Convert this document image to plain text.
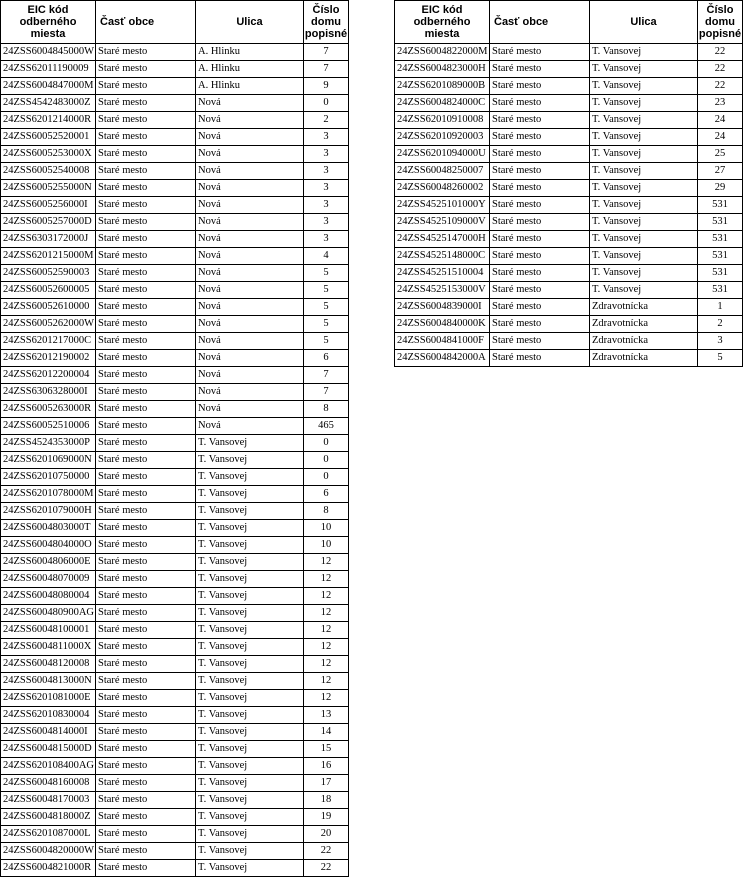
EIC kód odberného miesta	Časť obce	Ulica	Číslo domu popisné
24ZSS6004845000W	Staré mesto	A. Hlinku	7
24ZSS62011190009	Staré mesto	A. Hlinku	7
24ZSS6004847000M	Staré mesto	A. Hlinku	9
24ZSS4542483000Z	Staré mesto	Nová	0
24ZSS6201214000R	Staré mesto	Nová	2
24ZSS60052520001	Staré mesto	Nová	3
24ZSS6005253000X	Staré mesto	Nová	3
24ZSS60052540008	Staré mesto	Nová	3
24ZSS6005255000N	Staré mesto	Nová	3
24ZSS6005256000I	Staré mesto	Nová	3
24ZSS6005257000D	Staré mesto	Nová	3
24ZSS6303172000J	Staré mesto	Nová	3
24ZSS6201215000M	Staré mesto	Nová	4
24ZSS60052590003	Staré mesto	Nová	5
24ZSS60052600005	Staré mesto	Nová	5
24ZSS60052610000	Staré mesto	Nová	5
24ZSS6005262000W	Staré mesto	Nová	5
24ZSS6201217000C	Staré mesto	Nová	5
24ZSS62012190002	Staré mesto	Nová	6
24ZSS62012200004	Staré mesto	Nová	7
24ZSS6306328000I	Staré mesto	Nová	7
24ZSS6005263000R	Staré mesto	Nová	8
24ZSS60052510006	Staré mesto	Nová	465
24ZSS4524353000P	Staré mesto	T. Vansovej	0
24ZSS6201069000N	Staré mesto	T. Vansovej	0
24ZSS62010750000	Staré mesto	T. Vansovej	0
24ZSS6201078000M	Staré mesto	T. Vansovej	6
24ZSS6201079000H	Staré mesto	T. Vansovej	8
24ZSS6004803000T	Staré mesto	T. Vansovej	10
24ZSS6004804000O	Staré mesto	T. Vansovej	10
24ZSS6004806000E	Staré mesto	T. Vansovej	12
24ZSS60048070009	Staré mesto	T. Vansovej	12
24ZSS60048080004	Staré mesto	T. Vansovej	12
24ZSS600480900AG	Staré mesto	T. Vansovej	12
24ZSS60048100001	Staré mesto	T. Vansovej	12
24ZSS6004811000X	Staré mesto	T. Vansovej	12
24ZSS60048120008	Staré mesto	T. Vansovej	12
24ZSS6004813000N	Staré mesto	T. Vansovej	12
24ZSS6201081000E	Staré mesto	T. Vansovej	12
24ZSS62010830004	Staré mesto	T. Vansovej	13
24ZSS6004814000I	Staré mesto	T. Vansovej	14
24ZSS6004815000D	Staré mesto	T. Vansovej	15
24ZSS620108400AG	Staré mesto	T. Vansovej	16
24ZSS60048160008	Staré mesto	T. Vansovej	17
24ZSS60048170003	Staré mesto	T. Vansovej	18
24ZSS6004818000Z	Staré mesto	T. Vansovej	19
24ZSS6201087000L	Staré mesto	T. Vansovej	20
24ZSS6004820000W	Staré mesto	T. Vansovej	22
24ZSS6004821000R	Staré mesto	T. Vansovej	22
EIC kód odberného miesta	Časť obce	Ulica	Číslo domu popisné
24ZSS6004822000M	Staré mesto	T. Vansovej	22
24ZSS6004823000H	Staré mesto	T. Vansovej	22
24ZSS6201089000B	Staré mesto	T. Vansovej	22
24ZSS6004824000C	Staré mesto	T. Vansovej	23
24ZSS62010910008	Staré mesto	T. Vansovej	24
24ZSS62010920003	Staré mesto	T. Vansovej	24
24ZSS6201094000U	Staré mesto	T. Vansovej	25
24ZSS60048250007	Staré mesto	T. Vansovej	27
24ZSS60048260002	Staré mesto	T. Vansovej	29
24ZSS4525101000Y	Staré mesto	T. Vansovej	531
24ZSS4525109000V	Staré mesto	T. Vansovej	531
24ZSS4525147000H	Staré mesto	T. Vansovej	531
24ZSS4525148000C	Staré mesto	T. Vansovej	531
24ZSS45251510004	Staré mesto	T. Vansovej	531
24ZSS4525153000V	Staré mesto	T. Vansovej	531
24ZSS6004839000I	Staré mesto	Zdravotnícka	1
24ZSS6004840000K	Staré mesto	Zdravotnícka	2
24ZSS6004841000F	Staré mesto	Zdravotnícka	3
24ZSS6004842000A	Staré mesto	Zdravotnícka	5
